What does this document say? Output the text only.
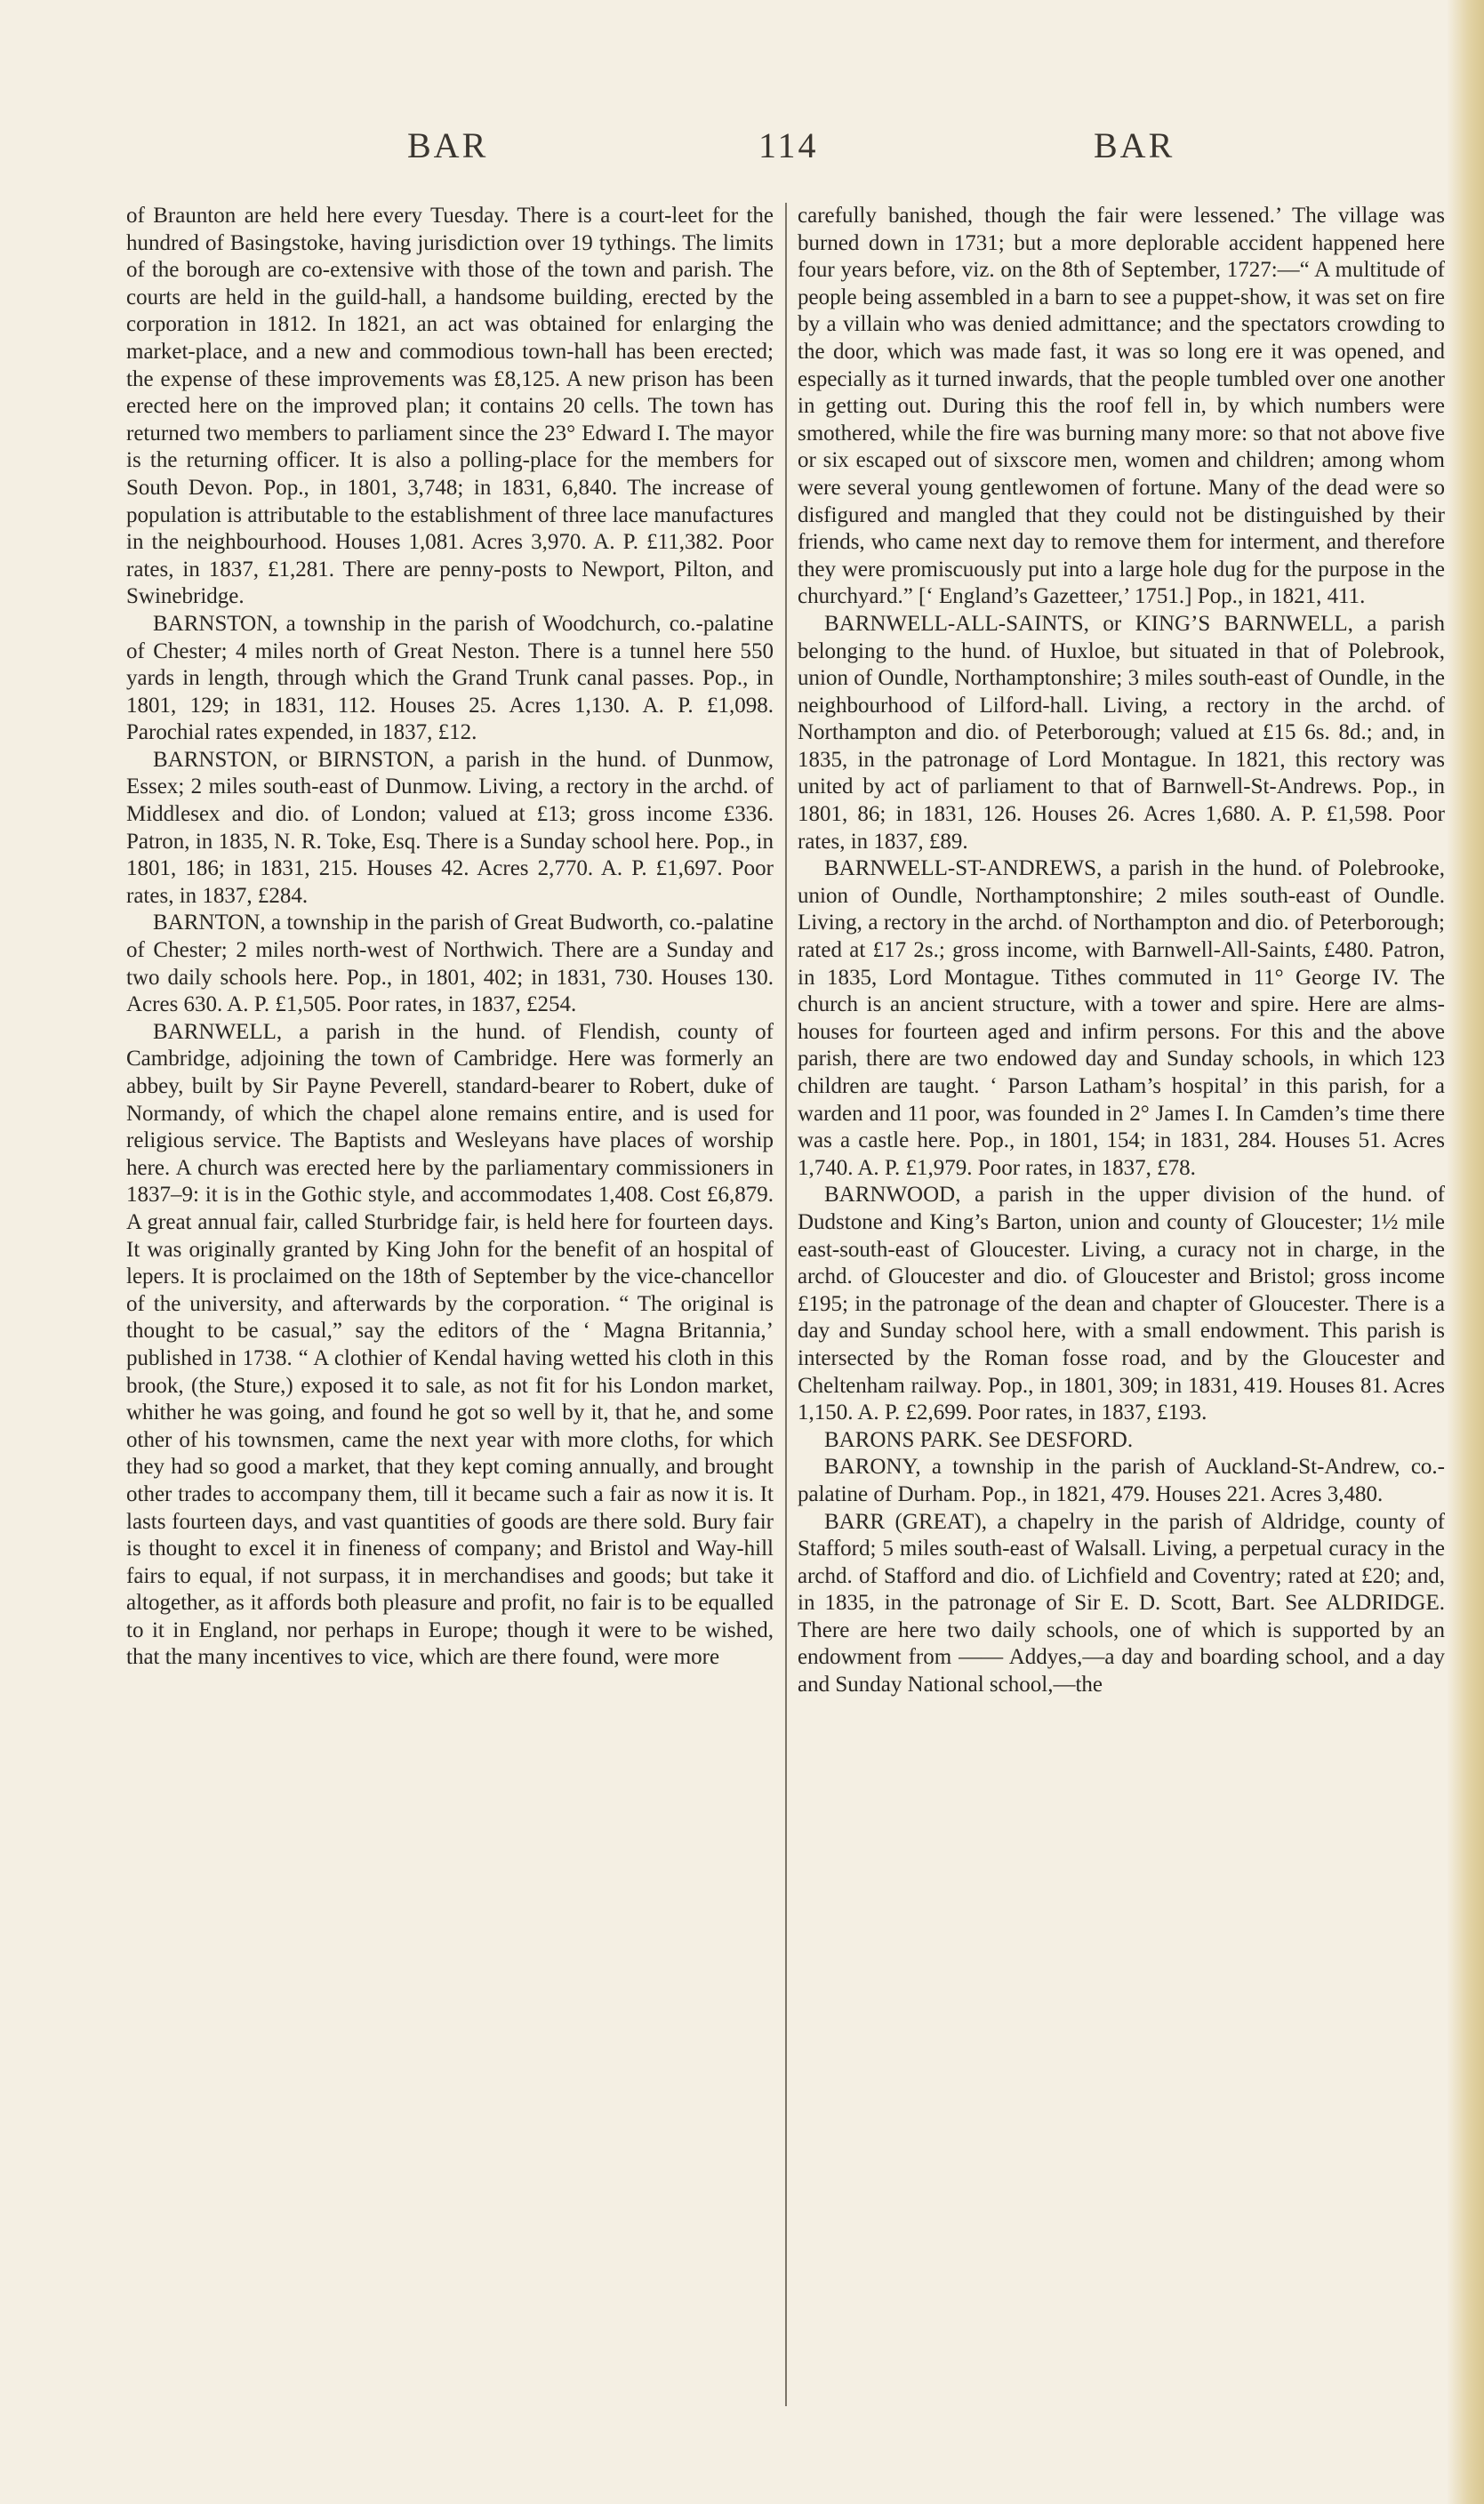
BAR	114	BAR

of Braunton are held here every Tuesday. There is a court-leet for the hundred of Basingstoke, having jurisdiction over 19 tythings. The limits of the borough are co-extensive with those of the town and parish. The courts are held in the guild-hall, a handsome building, erected by the corporation in 1812. In 1821, an act was obtained for enlarging the market-place, and a new and commodious town-hall has been erected; the expense of these improvements was £8,125. A new prison has been erected here on the improved plan; it contains 20 cells. The town has returned two members to parliament since the 23° Edward I. The mayor is the returning officer. It is also a polling-place for the members for South Devon. Pop., in 1801, 3,748; in 1831, 6,840. The increase of population is attributable to the establishment of three lace manufactures in the neighbourhood. Houses 1,081. Acres 3,970. A. P. £11,382. Poor rates, in 1837, £1,281. There are penny-posts to Newport, Pilton, and Swinebridge.

BARNSTON, a township in the parish of Woodchurch, co.-palatine of Chester; 4 miles north of Great Neston. There is a tunnel here 550 yards in length, through which the Grand Trunk canal passes. Pop., in 1801, 129; in 1831, 112. Houses 25. Acres 1,130. A. P. £1,098. Parochial rates expended, in 1837, £12.

BARNSTON, or BIRNSTON, a parish in the hund. of Dunmow, Essex; 2 miles south-east of Dunmow. Living, a rectory in the archd. of Middlesex and dio. of London; valued at £13; gross income £336. Patron, in 1835, N. R. Toke, Esq. There is a Sunday school here. Pop., in 1801, 186; in 1831, 215. Houses 42. Acres 2,770. A. P. £1,697. Poor rates, in 1837, £284.

BARNTON, a township in the parish of Great Budworth, co.-palatine of Chester; 2 miles north-west of Northwich. There are a Sunday and two daily schools here. Pop., in 1801, 402; in 1831, 730. Houses 130. Acres 630. A. P. £1,505. Poor rates, in 1837, £254.

BARNWELL, a parish in the hund. of Flendish, county of Cambridge, adjoining the town of Cambridge. Here was formerly an abbey, built by Sir Payne Peverell, standard-bearer to Robert, duke of Normandy, of which the chapel alone remains entire, and is used for religious service. The Baptists and Wesleyans have places of worship here. A church was erected here by the parliamentary commissioners in 1837–9: it is in the Gothic style, and accommodates 1,408. Cost £6,879. A great annual fair, called Sturbridge fair, is held here for fourteen days. It was originally granted by King John for the benefit of an hospital of lepers. It is proclaimed on the 18th of September by the vice-chancellor of the university, and afterwards by the corporation. “ The original is thought to be casual,” say the editors of the ‘ Magna Britannia,’ published in 1738. “ A clothier of Kendal having wetted his cloth in this brook, (the Sture,) exposed it to sale, as not fit for his London market, whither he was going, and found he got so well by it, that he, and some other of his townsmen, came the next year with more cloths, for which they had so good a market, that they kept coming annually, and brought other trades to accompany them, till it became such a fair as now it is. It lasts fourteen days, and vast quantities of goods are there sold. Bury fair is thought to excel it in fineness of company; and Bristol and Way-hill fairs to equal, if not surpass, it in merchandises and goods; but take it altogether, as it affords both pleasure and profit, no fair is to be equalled to it in England, nor perhaps in Europe; though it were to be wished, that the many incentives to vice, which are there found, were more

carefully banished, though the fair were lessened.’ The village was burned down in 1731; but a more deplorable accident happened here four years before, viz. on the 8th of September, 1727:—“ A multitude of people being assembled in a barn to see a puppet-show, it was set on fire by a villain who was denied admittance; and the spectators crowding to the door, which was made fast, it was so long ere it was opened, and especially as it turned inwards, that the people tumbled over one another in getting out. During this the roof fell in, by which numbers were smothered, while the fire was burning many more: so that not above five or six escaped out of sixscore men, women and children; among whom were several young gentlewomen of fortune. Many of the dead were so disfigured and mangled that they could not be distinguished by their friends, who came next day to remove them for interment, and therefore they were promiscuously put into a large hole dug for the purpose in the churchyard.” [‘ England’s Gazetteer,’ 1751.] Pop., in 1821, 411.

BARNWELL-ALL-SAINTS, or KING’S BARNWELL, a parish belonging to the hund. of Huxloe, but situated in that of Polebrook, union of Oundle, Northamptonshire; 3 miles south-east of Oundle, in the neighbourhood of Lilford-hall. Living, a rectory in the archd. of Northampton and dio. of Peterborough; valued at £15 6s. 8d.; and, in 1835, in the patronage of Lord Montague. In 1821, this rectory was united by act of parliament to that of Barnwell-St-Andrews. Pop., in 1801, 86; in 1831, 126. Houses 26. Acres 1,680. A. P. £1,598. Poor rates, in 1837, £89.

BARNWELL-ST-ANDREWS, a parish in the hund. of Polebrooke, union of Oundle, Northamptonshire; 2 miles south-east of Oundle. Living, a rectory in the archd. of Northampton and dio. of Peterborough; rated at £17 2s.; gross income, with Barnwell-All-Saints, £480. Patron, in 1835, Lord Montague. Tithes commuted in 11° George IV. The church is an ancient structure, with a tower and spire. Here are alms-houses for fourteen aged and infirm persons. For this and the above parish, there are two endowed day and Sunday schools, in which 123 children are taught. ‘ Parson Latham’s hospital’ in this parish, for a warden and 11 poor, was founded in 2° James I. In Camden’s time there was a castle here. Pop., in 1801, 154; in 1831, 284. Houses 51. Acres 1,740. A. P. £1,979. Poor rates, in 1837, £78.

BARNWOOD, a parish in the upper division of the hund. of Dudstone and King’s Barton, union and county of Gloucester; 1½ mile east-south-east of Gloucester. Living, a curacy not in charge, in the archd. of Gloucester and dio. of Gloucester and Bristol; gross income £195; in the patronage of the dean and chapter of Gloucester. There is a day and Sunday school here, with a small endowment. This parish is intersected by the Roman fosse road, and by the Gloucester and Cheltenham railway. Pop., in 1801, 309; in 1831, 419. Houses 81. Acres 1,150. A. P. £2,699. Poor rates, in 1837, £193.

BARONS PARK. See DESFORD.

BARONY, a township in the parish of Auckland-St-Andrew, co.-palatine of Durham. Pop., in 1821, 479. Houses 221. Acres 3,480.

BARR (GREAT), a chapelry in the parish of Aldridge, county of Stafford; 5 miles south-east of Walsall. Living, a perpetual curacy in the archd. of Stafford and dio. of Lichfield and Coventry; rated at £20; and, in 1835, in the patronage of Sir E. D. Scott, Bart. See ALDRIDGE. There are here two daily schools, one of which is supported by an endowment from —— Addyes,—a day and boarding school, and a day and Sunday National school,—the
